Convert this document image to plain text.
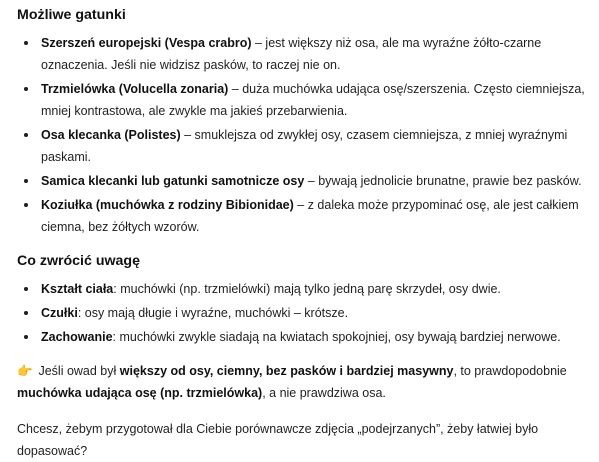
Możliwe gatunki
Szerszeń europejski (Vespa crabro) – jest większy niż osa, ale ma wyraźne żółto-czarne oznaczenia. Jeśli nie widzisz pasków, to raczej nie on.
Trzmielówka (Volucella zonaria) – duża muchówka udająca osę/szerszenia. Często ciemniejsza, mniej kontrastowa, ale zwykle ma jakieś przebarwienia.
Osa klecanka (Polistes) – smuklejsza od zwykłej osy, czasem ciemniejsza, z mniej wyraźnymi paskami.
Samica klecanki lub gatunki samotnicze osy – bywają jednolicie brunatne, prawie bez pasków.
Koziułka (muchówka z rodziny Bibionidae) – z daleka może przypominać osę, ale jest całkiem ciemna, bez żółtych wzorów.
Co zwrócić uwagę
Kształt ciała: muchówki (np. trzmielówki) mają tylko jedną parę skrzydeł, osy dwie.
Czułki: osy mają długie i wyraźne, muchówki – krótsze.
Zachowanie: muchówki zwykle siadają na kwiatach spokojniej, osy bywają bardziej nerwowe.

👉 Jeśli owad był większy od osy, ciemny, bez pasków i bardziej masywny, to prawdopodobnie muchówka udająca osę (np. trzmielówka), a nie prawdziwa osa.

Chcesz, żebym przygotował dla Ciebie porównawcze zdjęcia „podejrzanych”, żeby łatwiej było dopasować?
